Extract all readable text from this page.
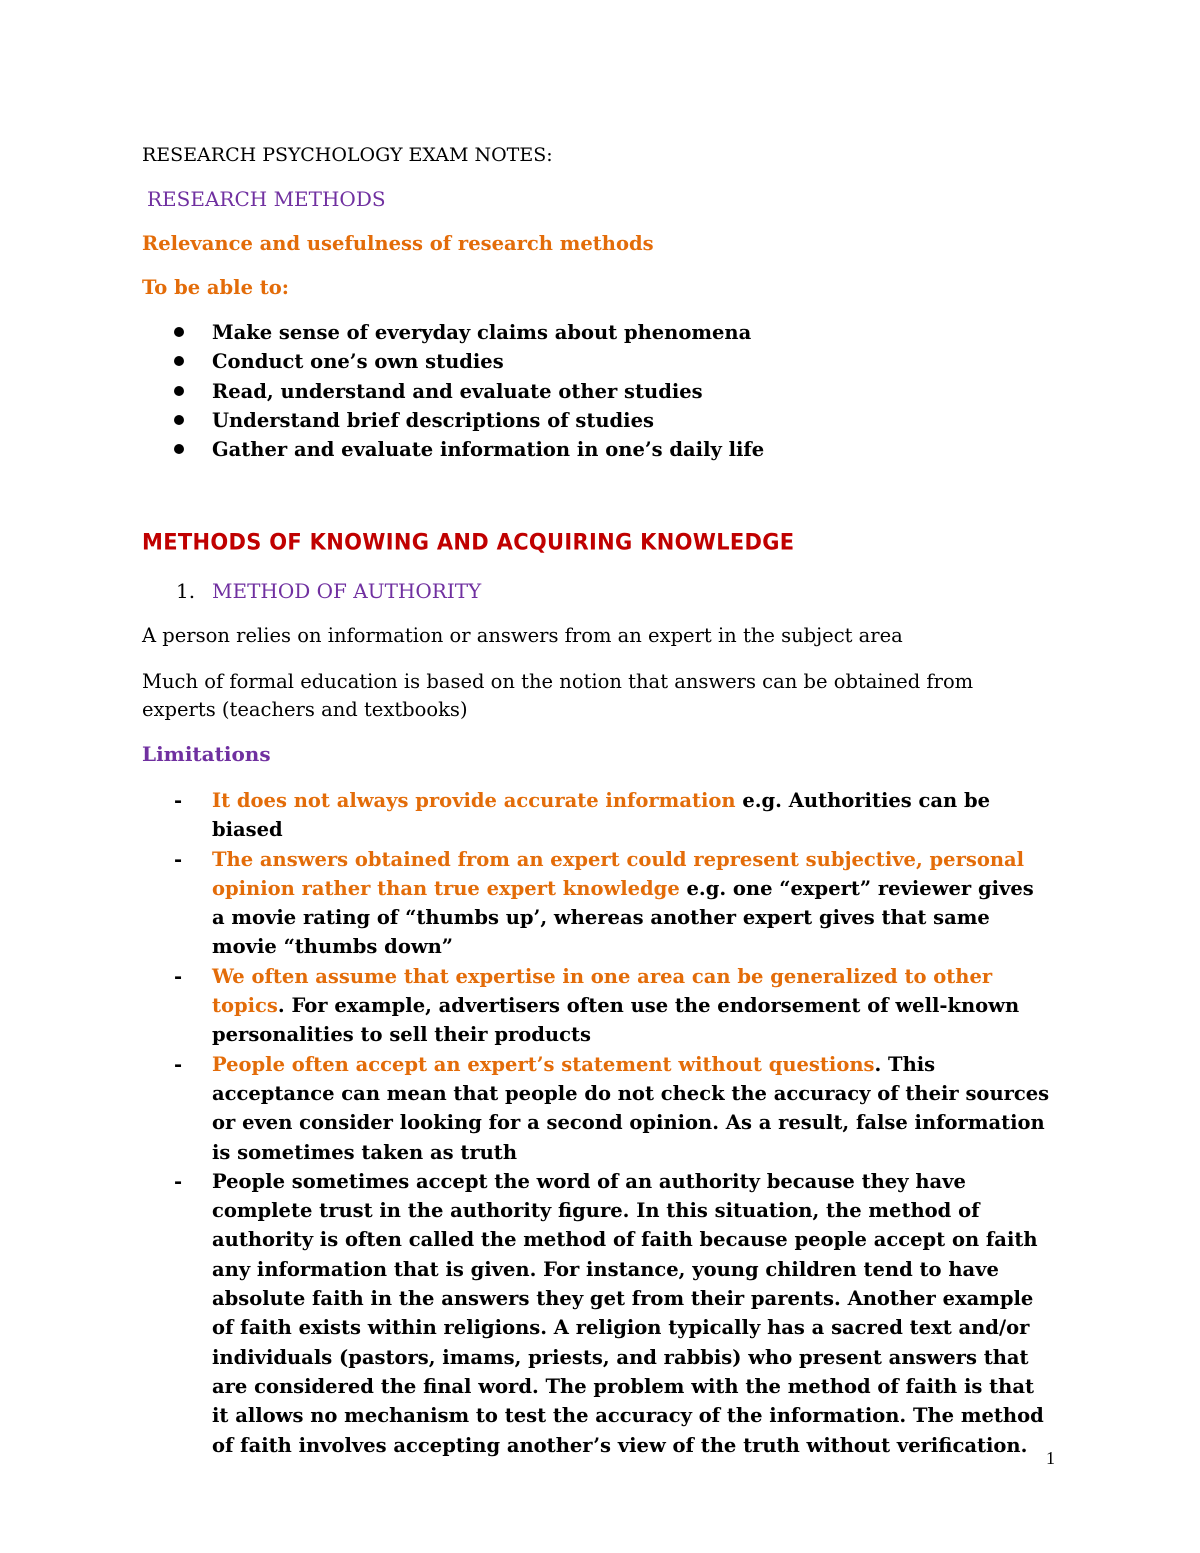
RESEARCH PSYCHOLOGY EXAM NOTES:
RESEARCH METHODS
Relevance and usefulness of research methods
To be able to:
Make sense of everyday claims about phenomena
Conduct one’s own studies
Read, understand and evaluate other studies
Understand brief descriptions of studies
Gather and evaluate information in one’s daily life
METHODS OF KNOWING AND ACQUIRING KNOWLEDGE
1. METHOD OF AUTHORITY
A person relies on information or answers from an expert in the subject area
Much of formal education is based on the notion that answers can be obtained from experts (teachers and textbooks)
Limitations
- It does not always provide accurate information e.g. Authorities can be biased
- The answers obtained from an expert could represent subjective, personal opinion rather than true expert knowledge e.g. one “expert” reviewer gives a movie rating of “thumbs up’, whereas another expert gives that same movie “thumbs down”
- We often assume that expertise in one area can be generalized to other topics. For example, advertisers often use the endorsement of well-known personalities to sell their products
- People often accept an expert’s statement without questions. This acceptance can mean that people do not check the accuracy of their sources or even consider looking for a second opinion. As a result, false information is sometimes taken as truth
- People sometimes accept the word of an authority because they have complete trust in the authority figure. In this situation, the method of authority is often called the method of faith because people accept on faith any information that is given. For instance, young children tend to have absolute faith in the answers they get from their parents. Another example of faith exists within religions. A religion typically has a sacred text and/or individuals (pastors, imams, priests, and rabbis) who present answers that are considered the final word. The problem with the method of faith is that it allows no mechanism to test the accuracy of the information. The method of faith involves accepting another’s view of the truth without verification.
1
